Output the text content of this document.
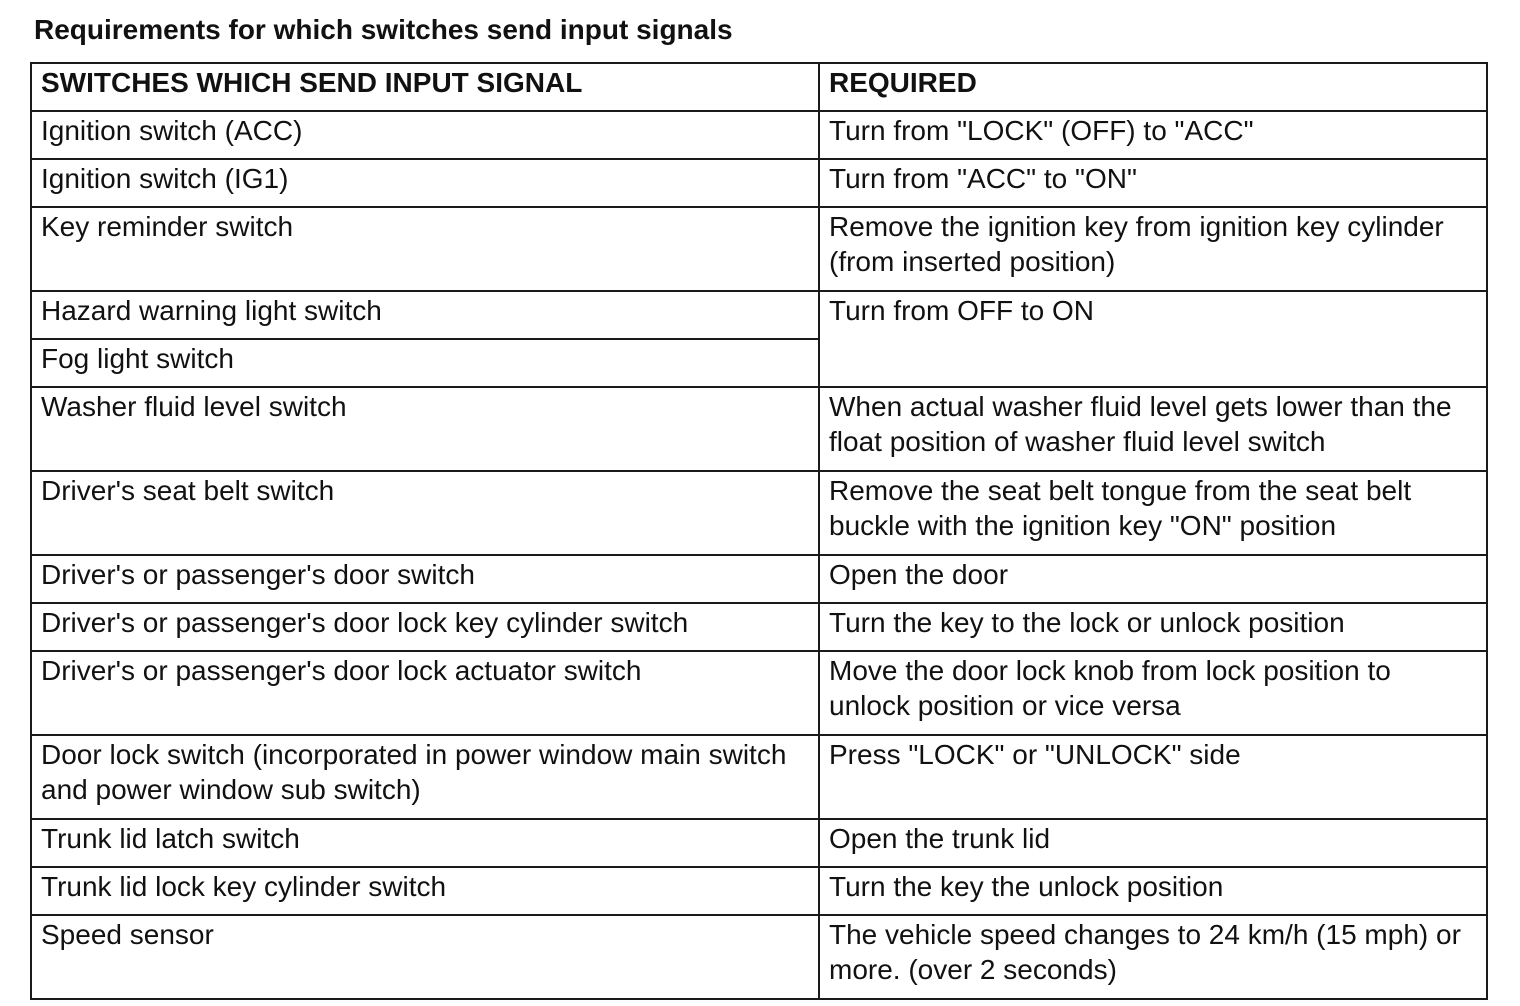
Requirements for which switches send input signals
SWITCHES WHICH SEND INPUT SIGNAL	REQUIRED
Ignition switch (ACC)	Turn from "LOCK" (OFF) to "ACC"
Ignition switch (IG1)	Turn from "ACC" to "ON"
Key reminder switch	Remove the ignition key from ignition key cylinder (from inserted position)
Hazard warning light switch	Turn from OFF to ON
Fog light switch	
Washer fluid level switch	When actual washer fluid level gets lower than the float position of washer fluid level switch
Driver's seat belt switch	Remove the seat belt tongue from the seat belt buckle with the ignition key "ON" position
Driver's or passenger's door switch	Open the door
Driver's or passenger's door lock key cylinder switch	Turn the key to the lock or unlock position
Driver's or passenger's door lock actuator switch	Move the door lock knob from lock position to unlock position or vice versa
Door lock switch (incorporated in power window main switch and power window sub switch)	Press "LOCK" or "UNLOCK" side
Trunk lid latch switch	Open the trunk lid
Trunk lid lock key cylinder switch	Turn the key the unlock position
Speed sensor	The vehicle speed changes to 24 km/h (15 mph) or more. (over 2 seconds)
